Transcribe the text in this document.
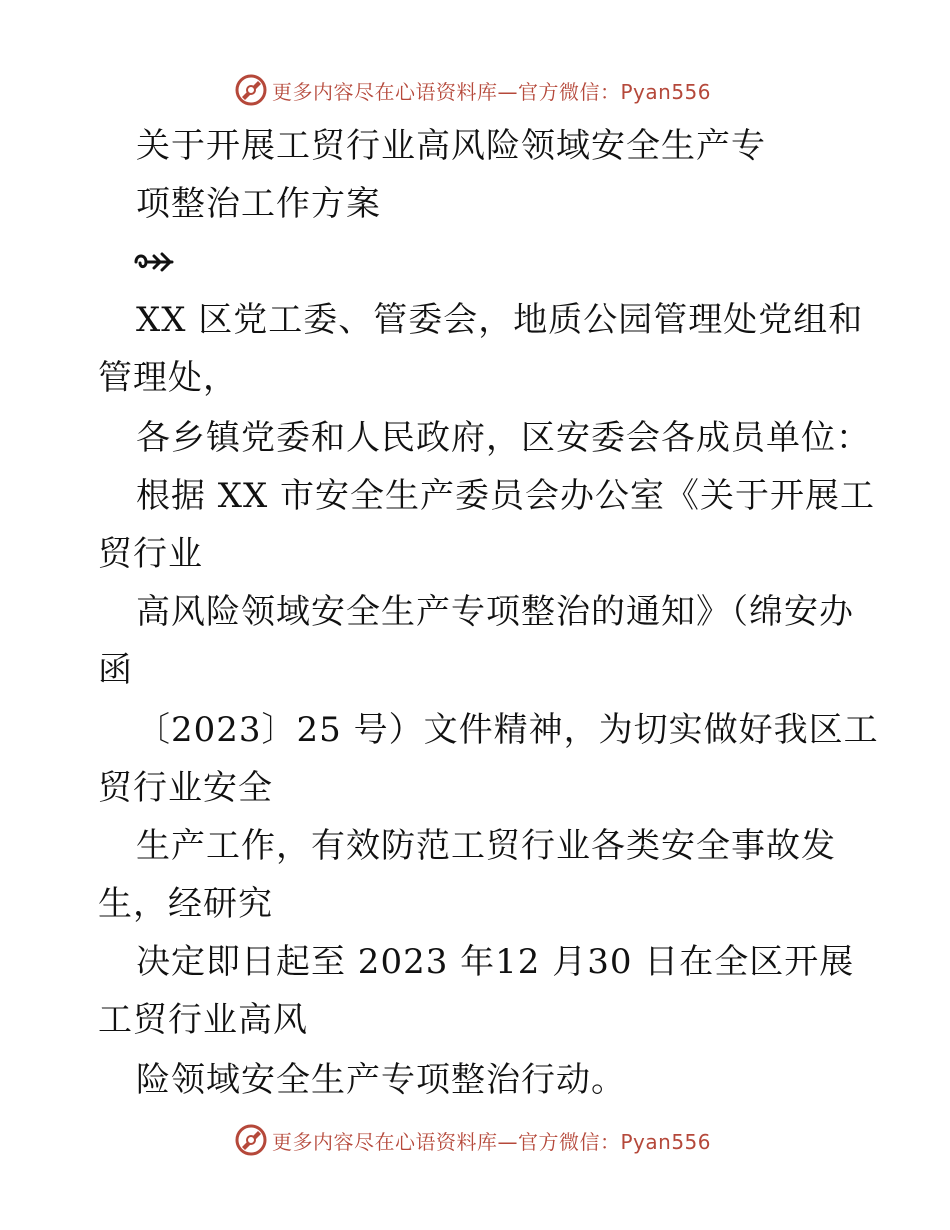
更多内容尽在心语资料库—官方微信：Pyan556
关于开展工贸行业高风险领域安全生产专
项整治工作方案
XX 区党工委、管委会，地质公园管理处党组和
管理处，
各乡镇党委和人民政府，区安委会各成员单位：
根据 XX 市安全生产委员会办公室《关于开展工
贸行业
高风险领域安全生产专项整治的通知》（绵安办
函
〔2023〕25 号）文件精神，为切实做好我区工
贸行业安全
生产工作，有效防范工贸行业各类安全事故发
生，经研究
决定即日起至 2023 年12 月30 日在全区开展
工贸行业高风
险领域安全生产专项整治行动。
更多内容尽在心语资料库—官方微信：Pyan556
